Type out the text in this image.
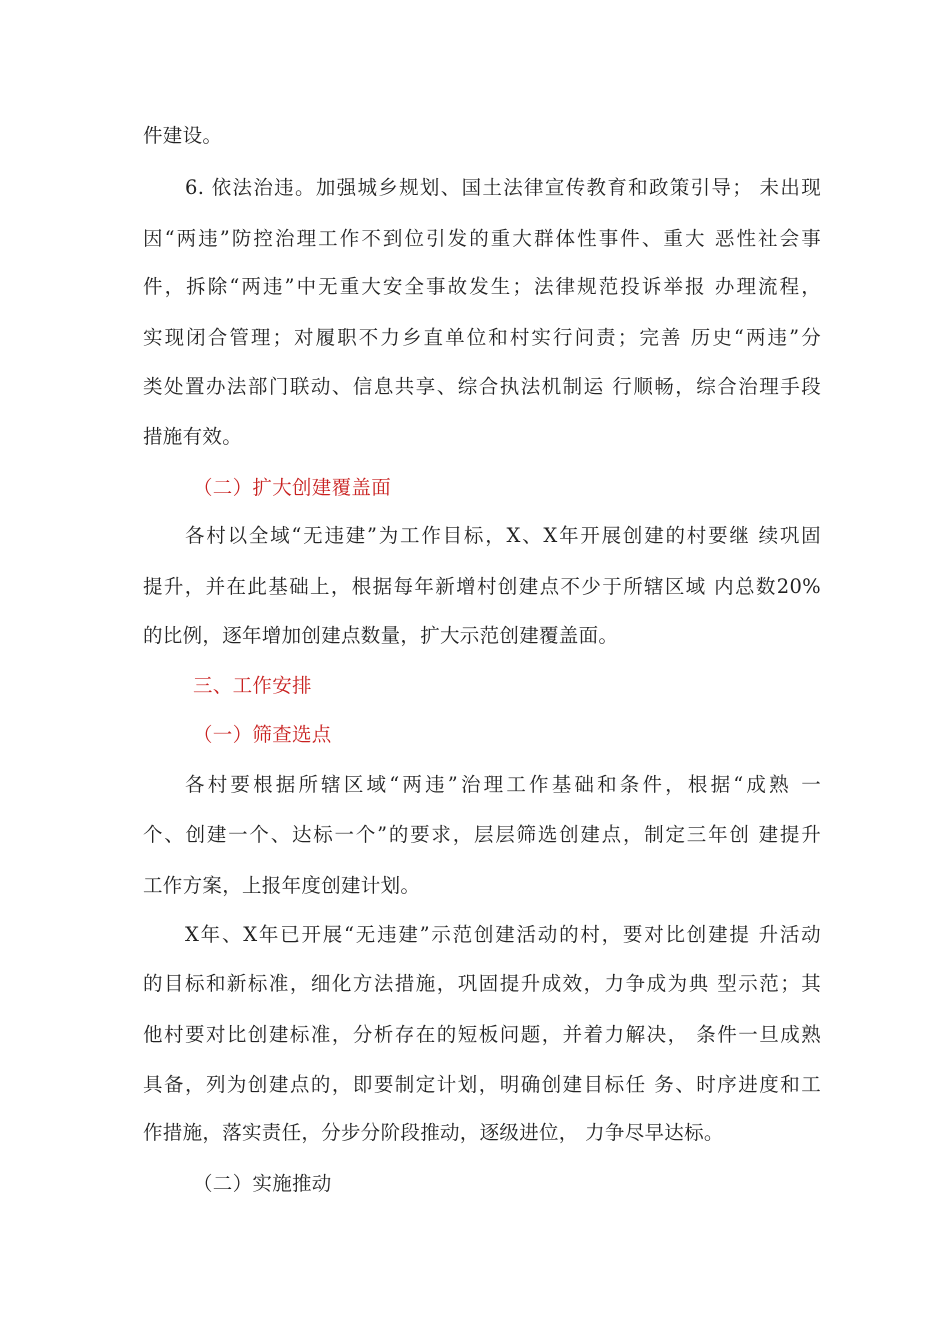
件建设。
6. 依法治违。加强城乡规划、国土法律宣传教育和政策引导； 未出现
因“两违”防控治理工作不到位引发的重大群体性事件、重大 恶性社会事
件，拆除“两违”中无重大安全事故发生；法律规范投诉举报 办理流程，
实现闭合管理；对履职不力乡直单位和村实行问责；完善 历史“两违”分
类处置办法部门联动、信息共享、综合执法机制运 行顺畅，综合治理手段
措施有效。
（二）扩大创建覆盖面
各村以全域“无违建”为工作目标，X、X年开展创建的村要继 续巩固
提升，并在此基础上，根据每年新增村创建点不少于所辖区域 内总数20%
的比例，逐年增加创建点数量，扩大示范创建覆盖面。
三、工作安排
（一）筛查选点
各村要根据所辖区域“两违”治理工作基础和条件，根据“成熟 一
个、创建一个、达标一个”的要求，层层筛选创建点，制定三年创 建提升
工作方案，上报年度创建计划。
X年、X年已开展“无违建”示范创建活动的村，要对比创建提 升活动
的目标和新标准，细化方法措施，巩固提升成效，力争成为典 型示范；其
他村要对比创建标准，分析存在的短板问题，并着力解决， 条件一旦成熟
具备，列为创建点的，即要制定计划，明确创建目标任 务、时序进度和工
作措施，落实责任，分步分阶段推动，逐级进位， 力争尽早达标。
（二）实施推动
